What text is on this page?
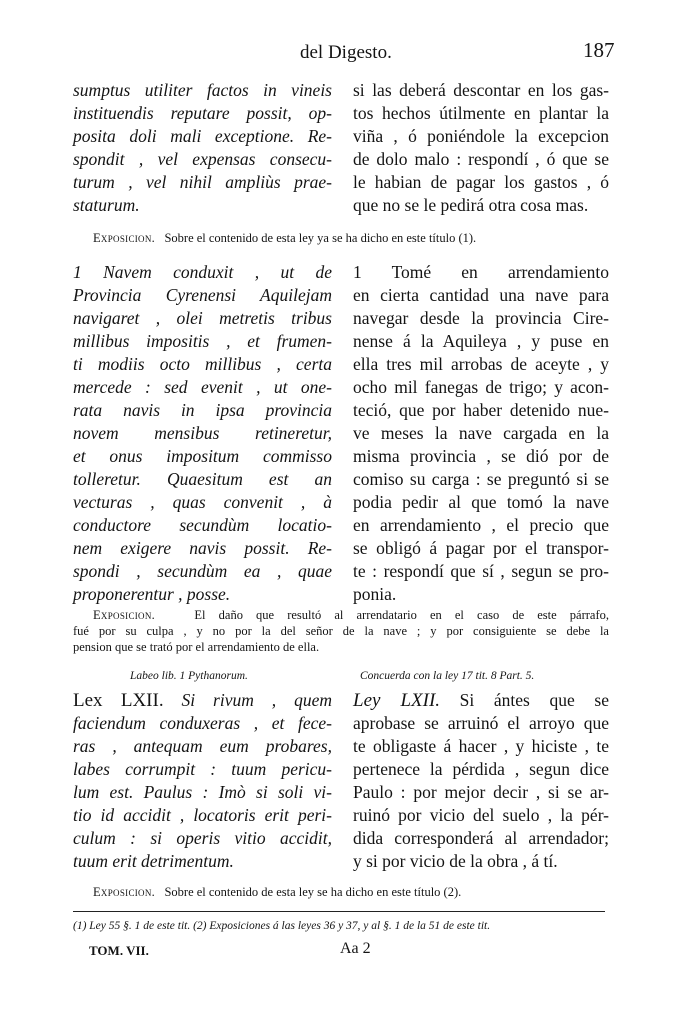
del Digesto.	187
sumptus utiliter factos in vineis
instituendis reputare possit, op-
posita doli mali exceptione. Re-
spondit , vel expensas consecu-
turum , vel nihil ampliùs prae-
staturum.
si las deberá descontar en los gas-
tos hechos útilmente en plantar la
viña , ó poniéndole la excepcion
de dolo malo : respondí , ó que se
le habian de pagar los gastos , ó
que no se le pedirá otra cosa mas.
Exposicion. Sobre el contenido de esta ley ya se ha dicho en este título (1).
1 Navem conduxit , ut de
Provincia Cyrenensi Aquilejam
navigaret , olei metretis tribus
millibus impositis , et frumen-
ti modiis octo millibus , certa
mercede : sed evenit , ut one-
rata navis in ipsa provincia
novem mensibus retineretur,
et onus impositum commisso
tolleretur. Quaesitum est an
vecturas , quas convenit , à
conductore secundùm locatio-
nem exigere navis possit. Re-
spondi , secundùm ea , quae
proponerentur , posse.
1 Tomé en arrendamiento
en cierta cantidad una nave para
navegar desde la provincia Cire-
nense á la Aquileya , y puse en
ella tres mil arrobas de aceyte , y
ocho mil fanegas de trigo; y acon-
teció, que por haber detenido nue-
ve meses la nave cargada en la
misma provincia , se dió por de
comiso su carga : se preguntó si se
podia pedir al que tomó la nave
en arrendamiento , el precio que
se obligó á pagar por el transpor-
te : respondí que sí , segun se pro-
ponia.
Exposicion.	El daño que resultó al arrendatario en el caso de este párrafo,
fué por su culpa , y no por la del señor de la nave ; y por consiguiente se debe la
pension que se trató por el arrendamiento de ella.
Labeo lib. 1 Pythanorum.	Concuerda con la ley 17 tit. 8 Part. 5.
Lex LXII. Si rivum , quem
faciendum conduxeras , et fece-
ras , antequam eum probares,
labes corrumpit : tuum pericu-
lum est. Paulus : Imò si soli vi-
tio id accidit , locatoris erit peri-
culum : si operis vitio accidit,
tuum erit detrimentum.
Ley LXII. Si ántes que se
aprobase se arruinó el arroyo que
te obligaste á hacer , y hiciste , te
pertenece la pérdida , segun dice
Paulo : por mejor decir , si se ar-
ruinó por vicio del suelo , la pér-
dida corresponderá al arrendador;
y si por vicio de la obra , á tí.
Exposicion. Sobre el contenido de esta ley se ha dicho en este título (2).
(1) Ley 55 §. 1 de este tit. (2) Exposiciones á las leyes 36 y 37, y al §. 1 de la 51 de este tit.
TOM. VII.	Aa 2
